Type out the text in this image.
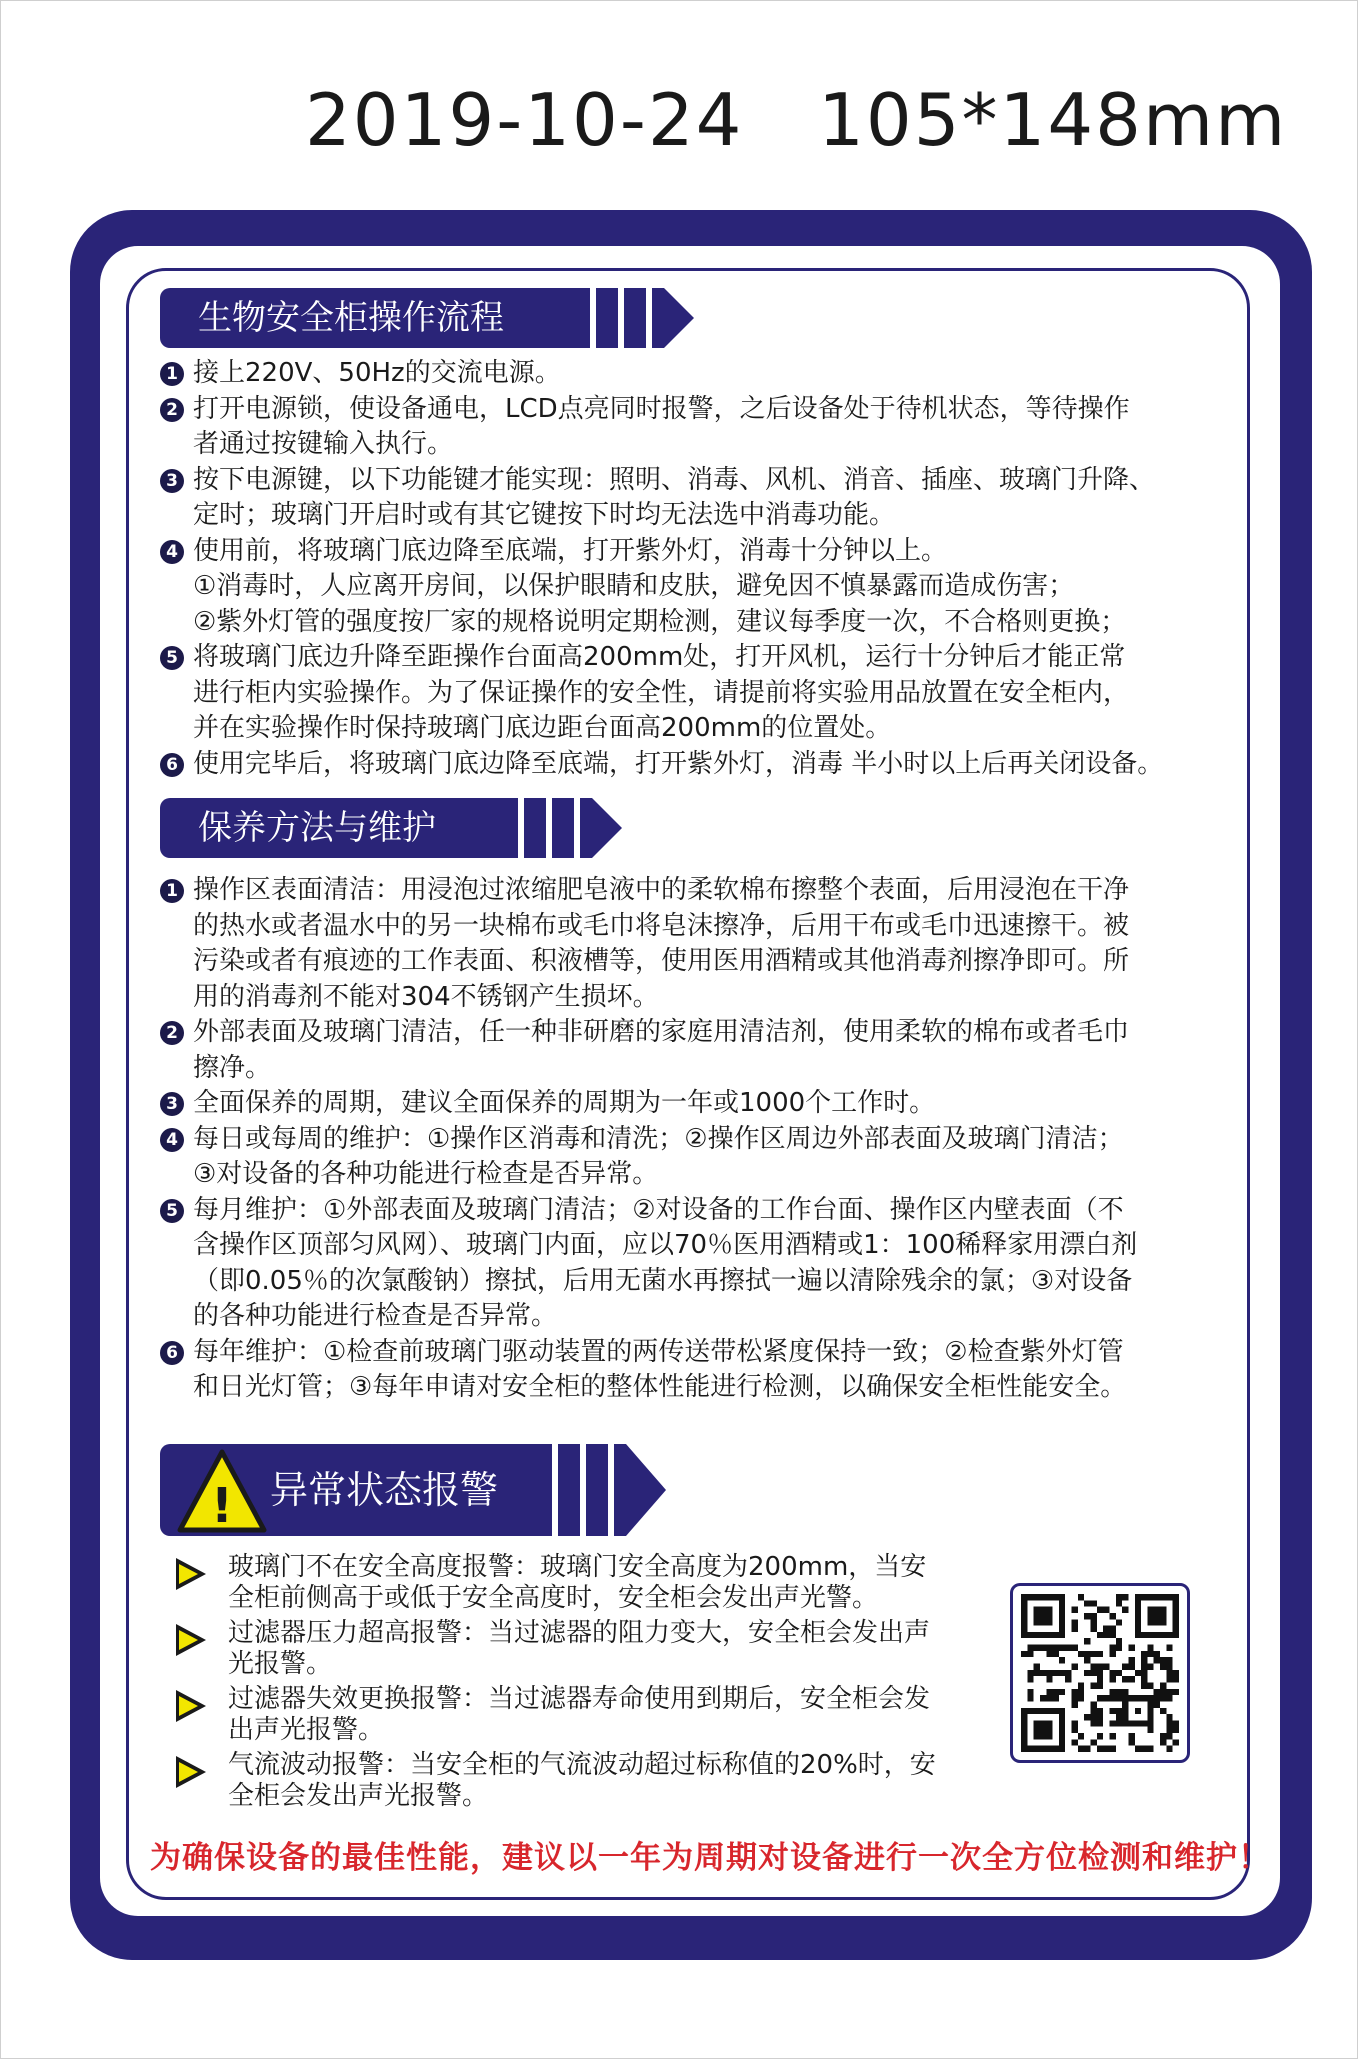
2019-10-24   105*148mm
生物安全柜操作流程
1 接上220V、50Hz的交流电源。
2 打开电源锁，使设备通电，LCD点亮同时报警，之后设备处于待机状态，等待操作
者通过按键输入执行。
3 按下电源键，以下功能键才能实现：照明、消毒、风机、消音、插座、玻璃门升降、
定时；玻璃门开启时或有其它键按下时均无法选中消毒功能。
4 使用前，将玻璃门底边降至底端，打开紫外灯，消毒十分钟以上。
①消毒时，人应离开房间，以保护眼睛和皮肤，避免因不慎暴露而造成伤害；
②紫外灯管的强度按厂家的规格说明定期检测，建议每季度一次，不合格则更换；
5 将玻璃门底边升降至距操作台面高200mm处，打开风机，运行十分钟后才能正常
进行柜内实验操作。为了保证操作的安全性，请提前将实验用品放置在安全柜内，
并在实验操作时保持玻璃门底边距台面高200mm的位置处。
6 使用完毕后，将玻璃门底边降至底端，打开紫外灯，消毒 半小时以上后再关闭设备。
保养方法与维护
1 操作区表面清洁：用浸泡过浓缩肥皂液中的柔软棉布擦整个表面，后用浸泡在干净
的热水或者温水中的另一块棉布或毛巾将皂沫擦净，后用干布或毛巾迅速擦干。被
污染或者有痕迹的工作表面、积液槽等，使用医用酒精或其他消毒剂擦净即可。所
用的消毒剂不能对304不锈钢产生损坏。
2 外部表面及玻璃门清洁，任一种非研磨的家庭用清洁剂，使用柔软的棉布或者毛巾
擦净。
3 全面保养的周期，建议全面保养的周期为一年或1000个工作时。
4 每日或每周的维护：①操作区消毒和清洗；②操作区周边外部表面及玻璃门清洁；
③对设备的各种功能进行检查是否异常。
5 每月维护：①外部表面及玻璃门清洁；②对设备的工作台面、操作区内壁表面（不
含操作区顶部匀风网）、玻璃门内面，应以70％医用酒精或1：100稀释家用漂白剂
（即0.05％的次氯酸钠）擦拭，后用无菌水再擦拭一遍以清除残余的氯；③对设备
的各种功能进行检查是否异常。
6 每年维护：①检查前玻璃门驱动装置的两传送带松紧度保持一致；②检查紫外灯管
和日光灯管；③每年申请对安全柜的整体性能进行检测，以确保安全柜性能安全。
异常状态报警
!
玻璃门不在安全高度报警：玻璃门安全高度为200mm，当安
全柜前侧高于或低于安全高度时，安全柜会发出声光警。
过滤器压力超高报警：当过滤器的阻力变大，安全柜会发出声
光报警。
过滤器失效更换报警：当过滤器寿命使用到期后，安全柜会发
出声光报警。
气流波动报警：当安全柜的气流波动超过标称值的20%时，安
全柜会发出声光报警。
为确保设备的最佳性能，建议以一年为周期对设备进行一次全方位检测和维护！
